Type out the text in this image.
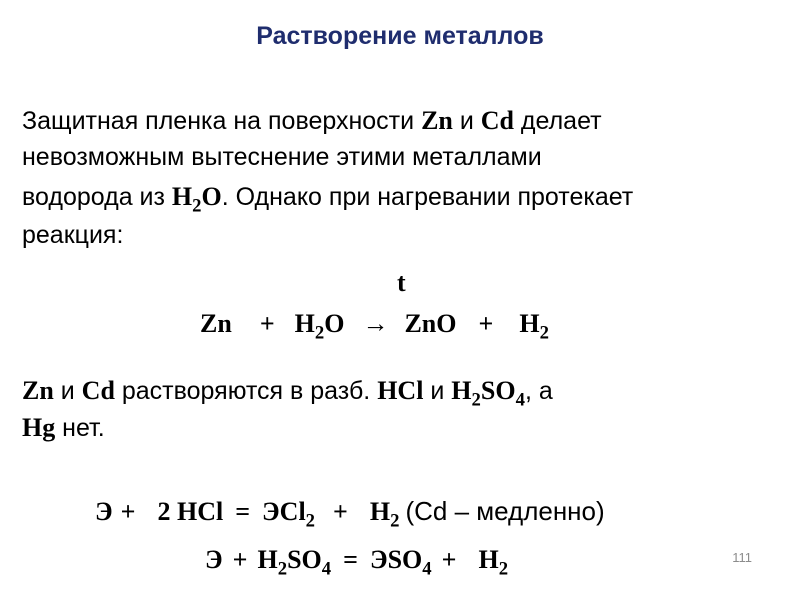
Растворение металлов
Защитная пленка на поверхности Zn и Cd делает
невозможным вытеснение этими металлами
водорода из $H_2O$. Однако при нагревании протекает
реакция:
t
$Zn + H_2O$ → ZnO + $H_2$
Zn и Cd растворяются в разб. HCl и $H_2SO_4$, а
Hg нет.
Э + 2 HCl = $ЭCl_2 + H_2$ (Cd – медленно)
$Э + H_2SO_4 = ЭSO_4 + H_2$
111
